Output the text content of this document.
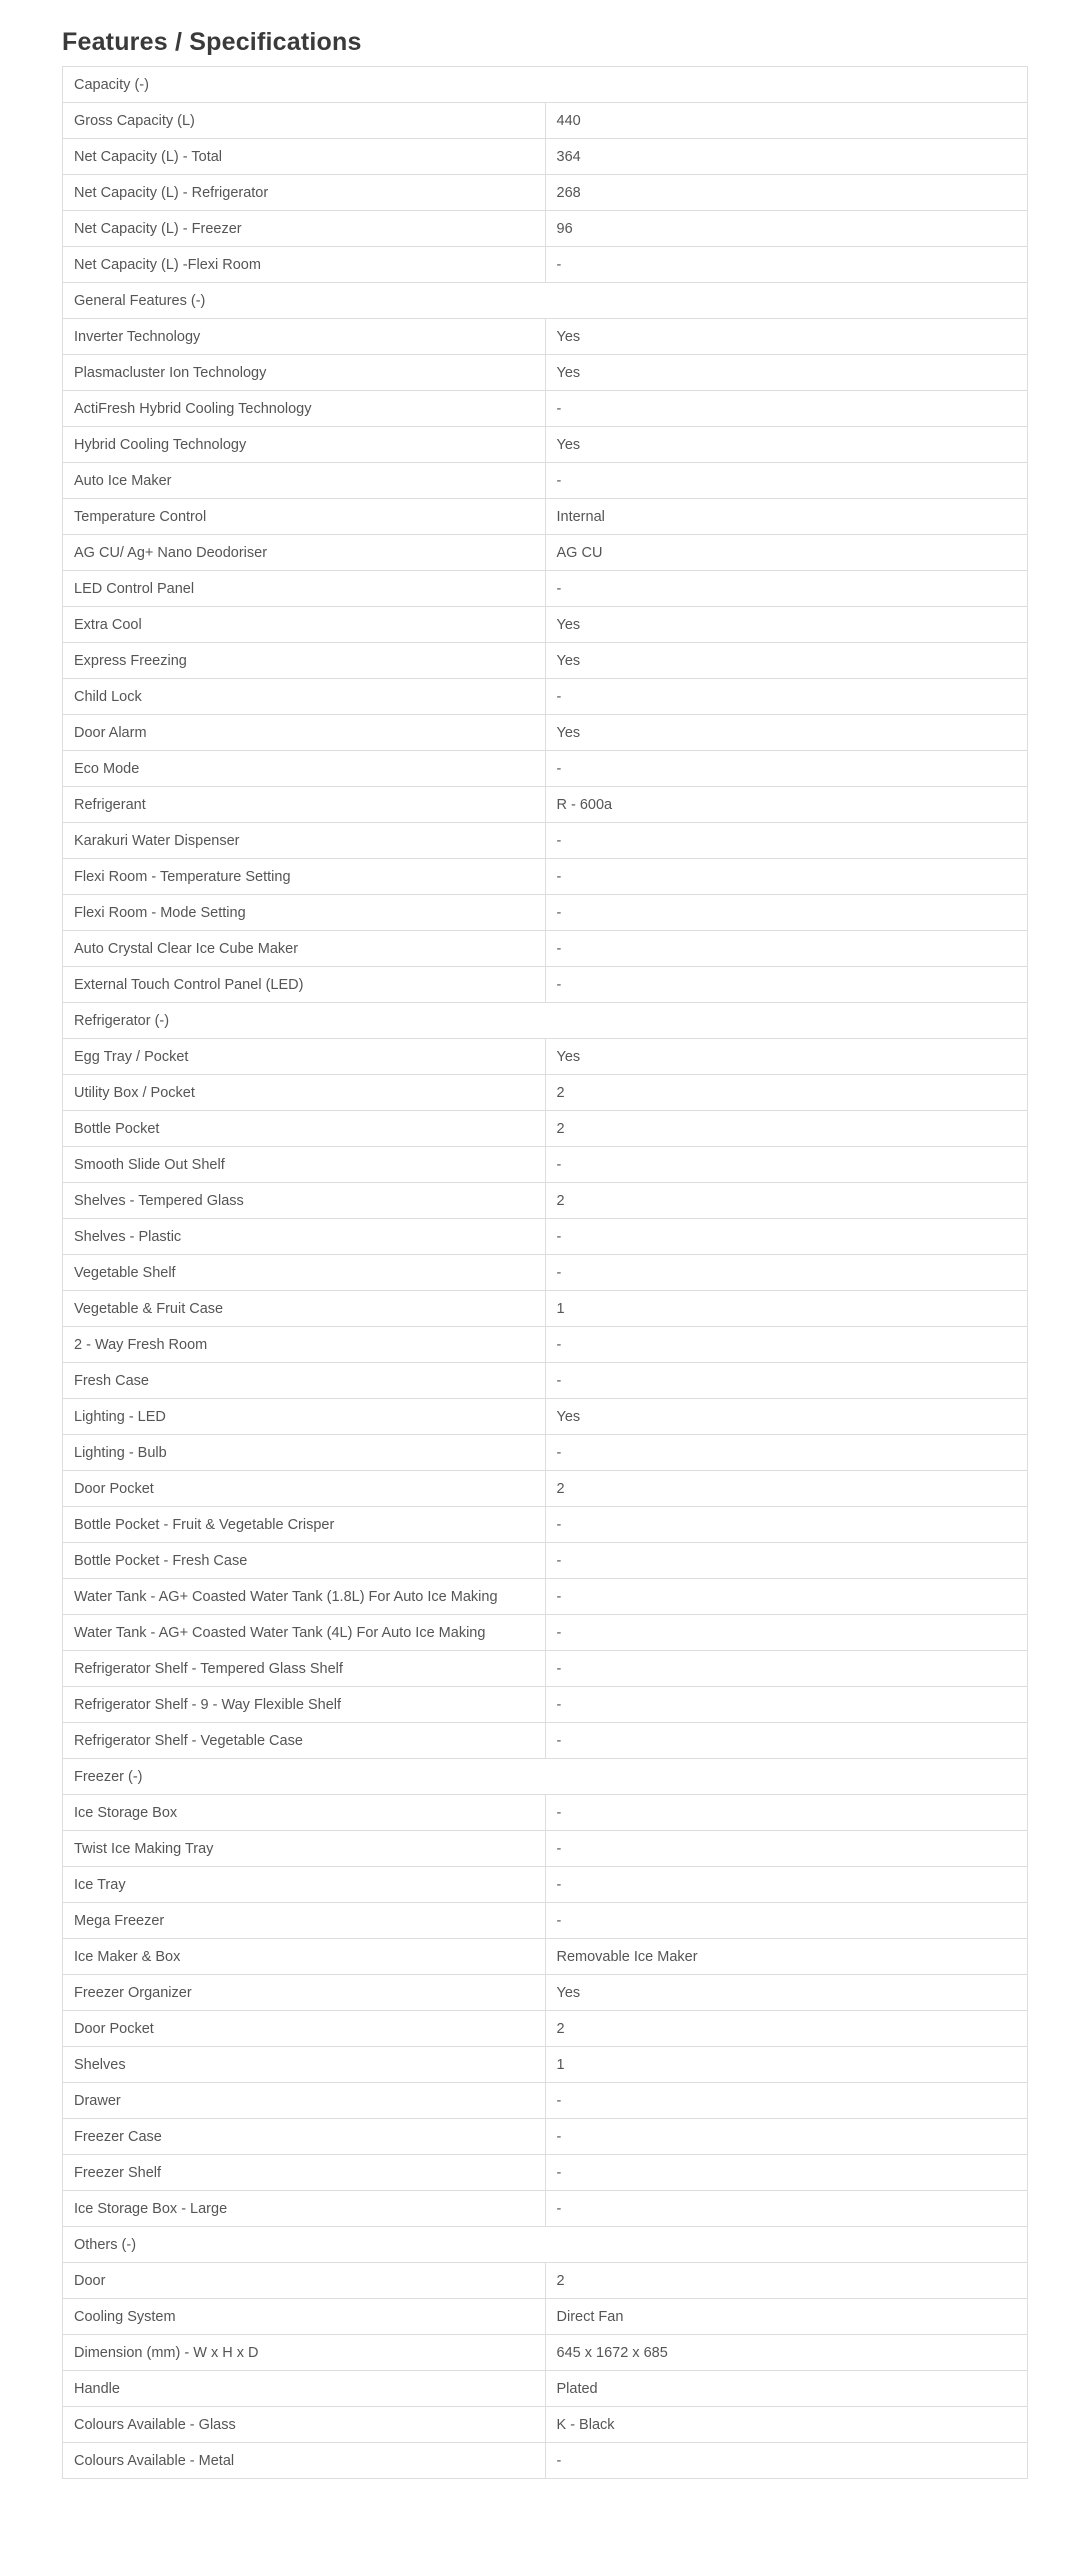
Features / Specifications
Capacity (-)	
Gross Capacity (L)	440
Net Capacity (L) - Total	364
Net Capacity (L) - Refrigerator	268
Net Capacity (L) - Freezer	96
Net Capacity (L) -Flexi Room	-
General Features (-)	
Inverter Technology	Yes
Plasmacluster Ion Technology	Yes
ActiFresh Hybrid Cooling Technology	-
Hybrid Cooling Technology	Yes
Auto Ice Maker	-
Temperature Control	Internal
AG CU/ Ag+ Nano Deodoriser	AG CU
LED Control Panel	-
Extra Cool	Yes
Express Freezing	Yes
Child Lock	-
Door Alarm	Yes
Eco Mode	-
Refrigerant	R - 600a
Karakuri Water Dispenser	-
Flexi Room - Temperature Setting	-
Flexi Room - Mode Setting	-
Auto Crystal Clear Ice Cube Maker	-
External Touch Control Panel (LED)	-
Refrigerator (-)	
Egg Tray / Pocket	Yes
Utility Box / Pocket	2
Bottle Pocket	2
Smooth Slide Out Shelf	-
Shelves - Tempered Glass	2
Shelves - Plastic	-
Vegetable Shelf	-
Vegetable & Fruit Case	1
2 - Way Fresh Room	-
Fresh Case	-
Lighting - LED	Yes
Lighting - Bulb	-
Door Pocket	2
Bottle Pocket - Fruit & Vegetable Crisper	-
Bottle Pocket - Fresh Case	-
Water Tank - AG+ Coasted Water Tank (1.8L) For Auto Ice Making	-
Water Tank - AG+ Coasted Water Tank (4L) For Auto Ice Making	-
Refrigerator Shelf - Tempered Glass Shelf	-
Refrigerator Shelf - 9 - Way Flexible Shelf	-
Refrigerator Shelf - Vegetable Case	-
Freezer (-)	
Ice Storage Box	-
Twist Ice Making Tray	-
Ice Tray	-
Mega Freezer	-
Ice Maker & Box	Removable Ice Maker
Freezer Organizer	Yes
Door Pocket	2
Shelves	1
Drawer	-
Freezer Case	-
Freezer Shelf	-
Ice Storage Box - Large	-
Others (-)	
Door	2
Cooling System	Direct Fan
Dimension (mm) - W x H x D	645 x 1672 x 685
Handle	Plated
Colours Available - Glass	K - Black
Colours Available - Metal	-
